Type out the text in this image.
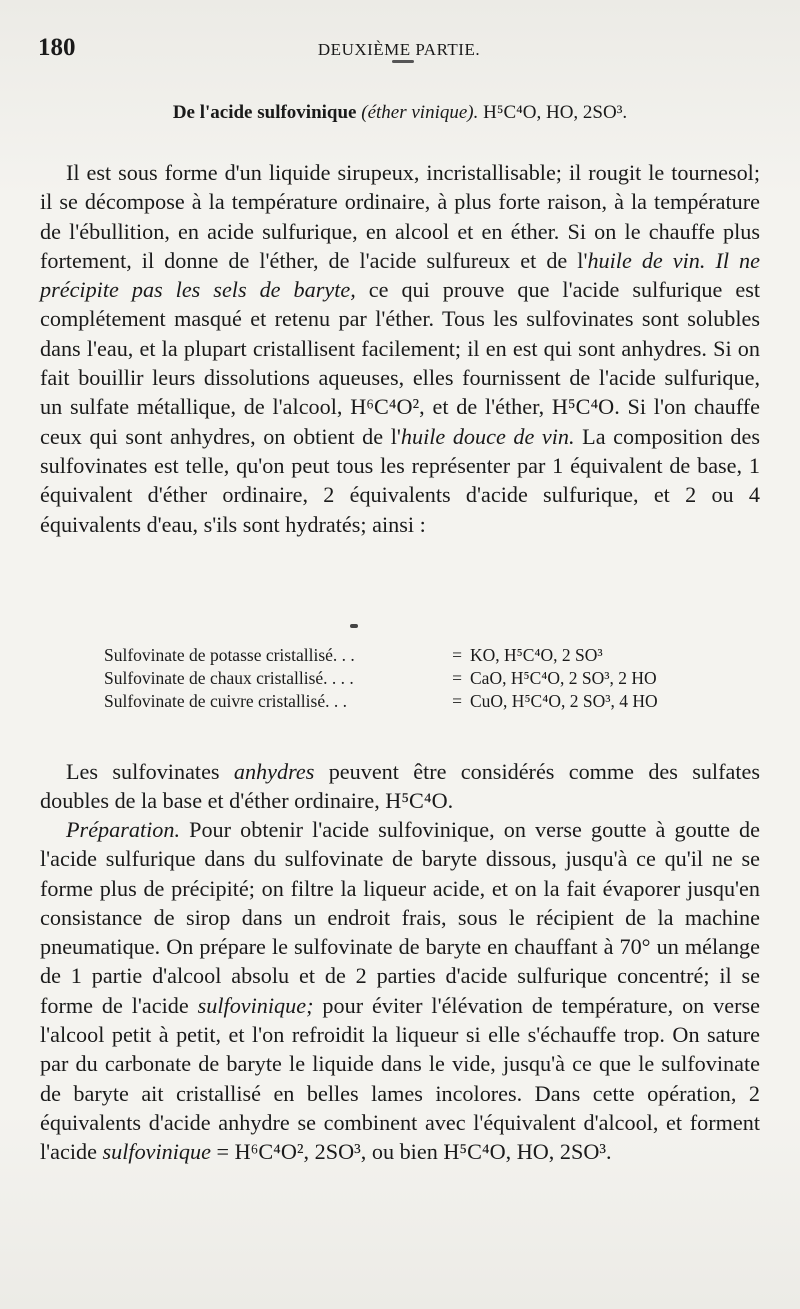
180	DEUXIÈME PARTIE.
De l'acide sulfovinique (éther vinique). H⁵C⁴O, HO, 2SO³.

Il est sous forme d'un liquide sirupeux, incristallisable; il rougit le tournesol; il se décompose à la température ordinaire, à plus forte raison, à la température de l'ébullition, en acide sulfurique, en alcool et en éther. Si on le chauffe plus fortement, il donne de l'éther, de l'acide sulfureux et de l'huile de vin. Il ne précipite pas les sels de baryte, ce qui prouve que l'acide sulfurique est complétement masqué et retenu par l'éther. Tous les sulfovinates sont solubles dans l'eau, et la plupart cristallisent facilement; il en est qui sont anhydres. Si on fait bouillir leurs dissolutions aqueuses, elles fournissent de l'acide sulfurique, un sulfate métallique, de l'alcool, H⁶C⁴O², et de l'éther, H⁵C⁴O. Si l'on chauffe ceux qui sont anhydres, on obtient de l'huile douce de vin. La composition des sulfovinates est telle, qu'on peut tous les représenter par 1 équivalent de base, 1 équivalent d'éther ordinaire, 2 équivalents d'acide sulfurique, et 2 ou 4 équivalents d'eau, s'ils sont hydratés; ainsi :

Sulfovinate de potasse cristallisé. . .	= KO, H⁵C⁴O, 2 SO³
Sulfovinate de chaux cristallisé. . . .	= CaO, H⁵C⁴O, 2 SO³, 2 HO
Sulfovinate de cuivre cristallisé. . .	= CuO, H⁵C⁴O, 2 SO³, 4 HO

Les sulfovinates anhydres peuvent être considérés comme des sulfates doubles de la base et d'éther ordinaire, H⁵C⁴O.

Préparation. Pour obtenir l'acide sulfovinique, on verse goutte à goutte de l'acide sulfurique dans du sulfovinate de baryte dissous, jusqu'à ce qu'il ne se forme plus de précipité; on filtre la liqueur acide, et on la fait évaporer jusqu'en consistance de sirop dans un endroit frais, sous le récipient de la machine pneumatique. On prépare le sulfovinate de baryte en chauffant à 70° un mélange de 1 partie d'alcool absolu et de 2 parties d'acide sulfurique concentré; il se forme de l'acide sulfovinique; pour éviter l'élévation de température, on verse l'alcool petit à petit, et l'on refroidit la liqueur si elle s'échauffe trop. On sature par du carbonate de baryte le liquide dans le vide, jusqu'à ce que le sulfovinate de baryte ait cristallisé en belles lames incolores. Dans cette opération, 2 équivalents d'acide anhydre se combinent avec l'équivalent d'alcool, et forment l'acide sulfovinique = H⁶C⁴O², 2SO³, ou bien H⁵C⁴O, HO, 2SO³.
